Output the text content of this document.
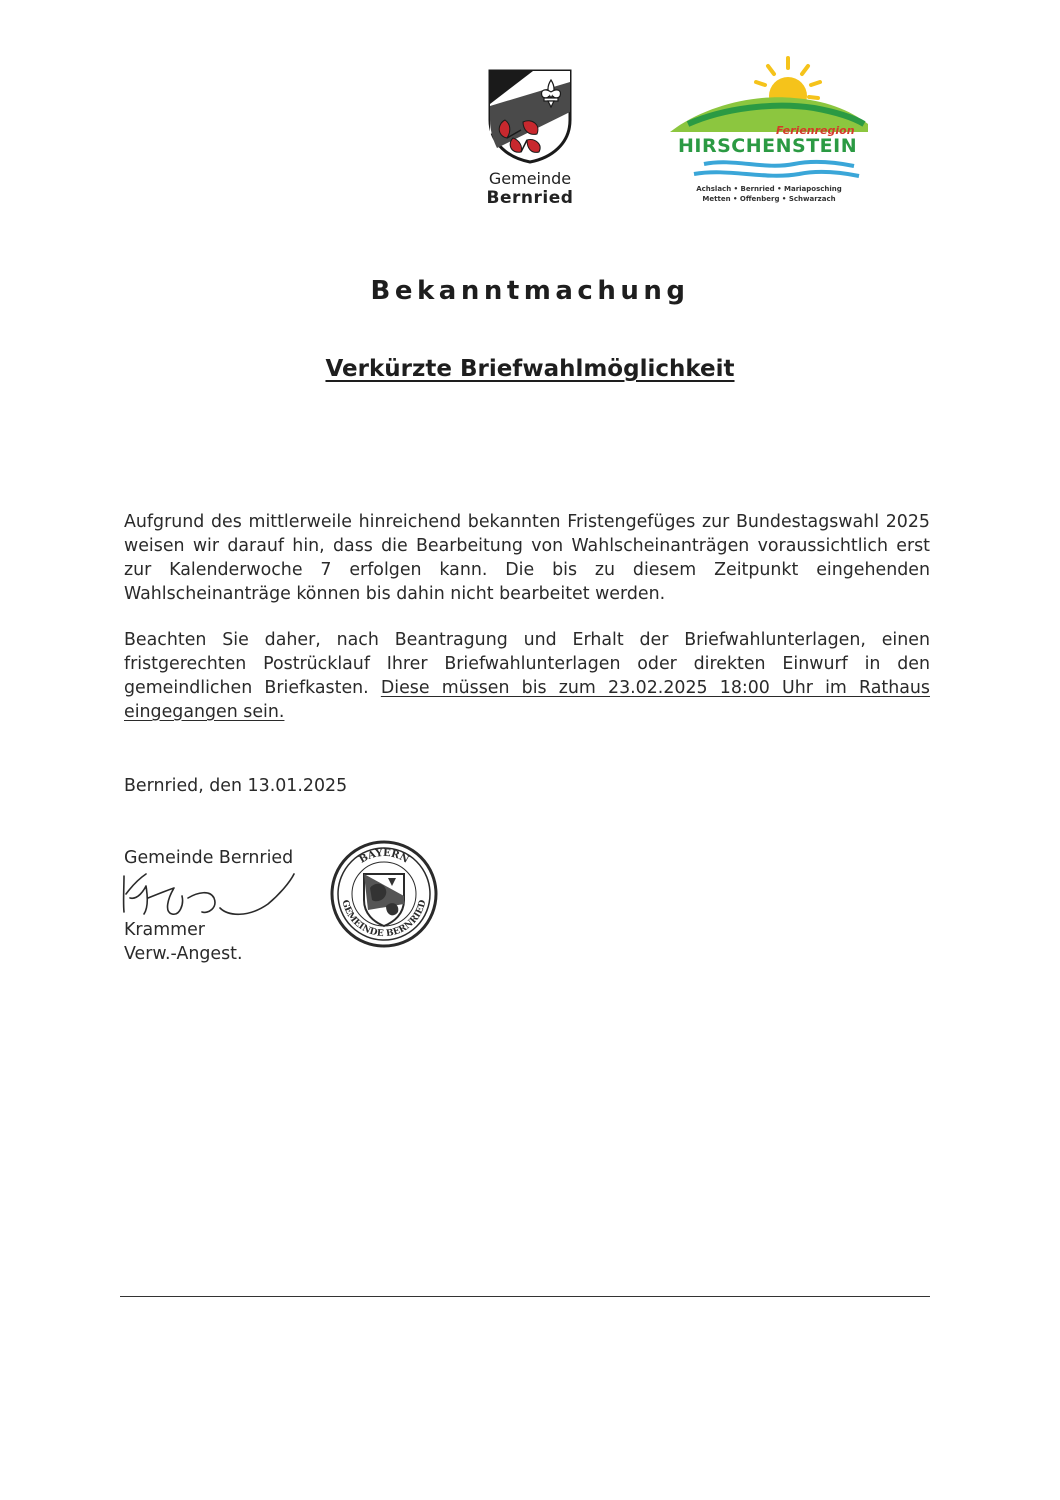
Gemeinde
Bernried
Ferienregion
HIRSCHENSTEIN
Achslach • Bernried • Mariaposching
Metten • Offenberg • Schwarzach
Bekanntmachung
Verkürzte Briefwahlmöglichkeit
Aufgrund des mittlerweile hinreichend bekannten Fristengefüges zur Bundestagswahl 2025 weisen wir darauf hin, dass die Bearbeitung von Wahlscheinanträgen voraussichtlich erst zur Kalenderwoche 7 erfolgen kann. Die bis zu diesem Zeitpunkt eingehenden Wahlscheinanträge können bis dahin nicht bearbeitet werden.
Beachten Sie daher, nach Beantragung und Erhalt der Briefwahlunterlagen, einen fristgerechten Postrücklauf Ihrer Briefwahlunterlagen oder direkten Einwurf in den gemeindlichen Briefkasten. Diese müssen bis zum 23.02.2025 18:00 Uhr im Rathaus eingegangen sein.
Bernried, den 13.01.2025
Gemeinde Bernried
Krammer
Verw.-Angest.
BAYERN
GEMEINDE BERNRIED
